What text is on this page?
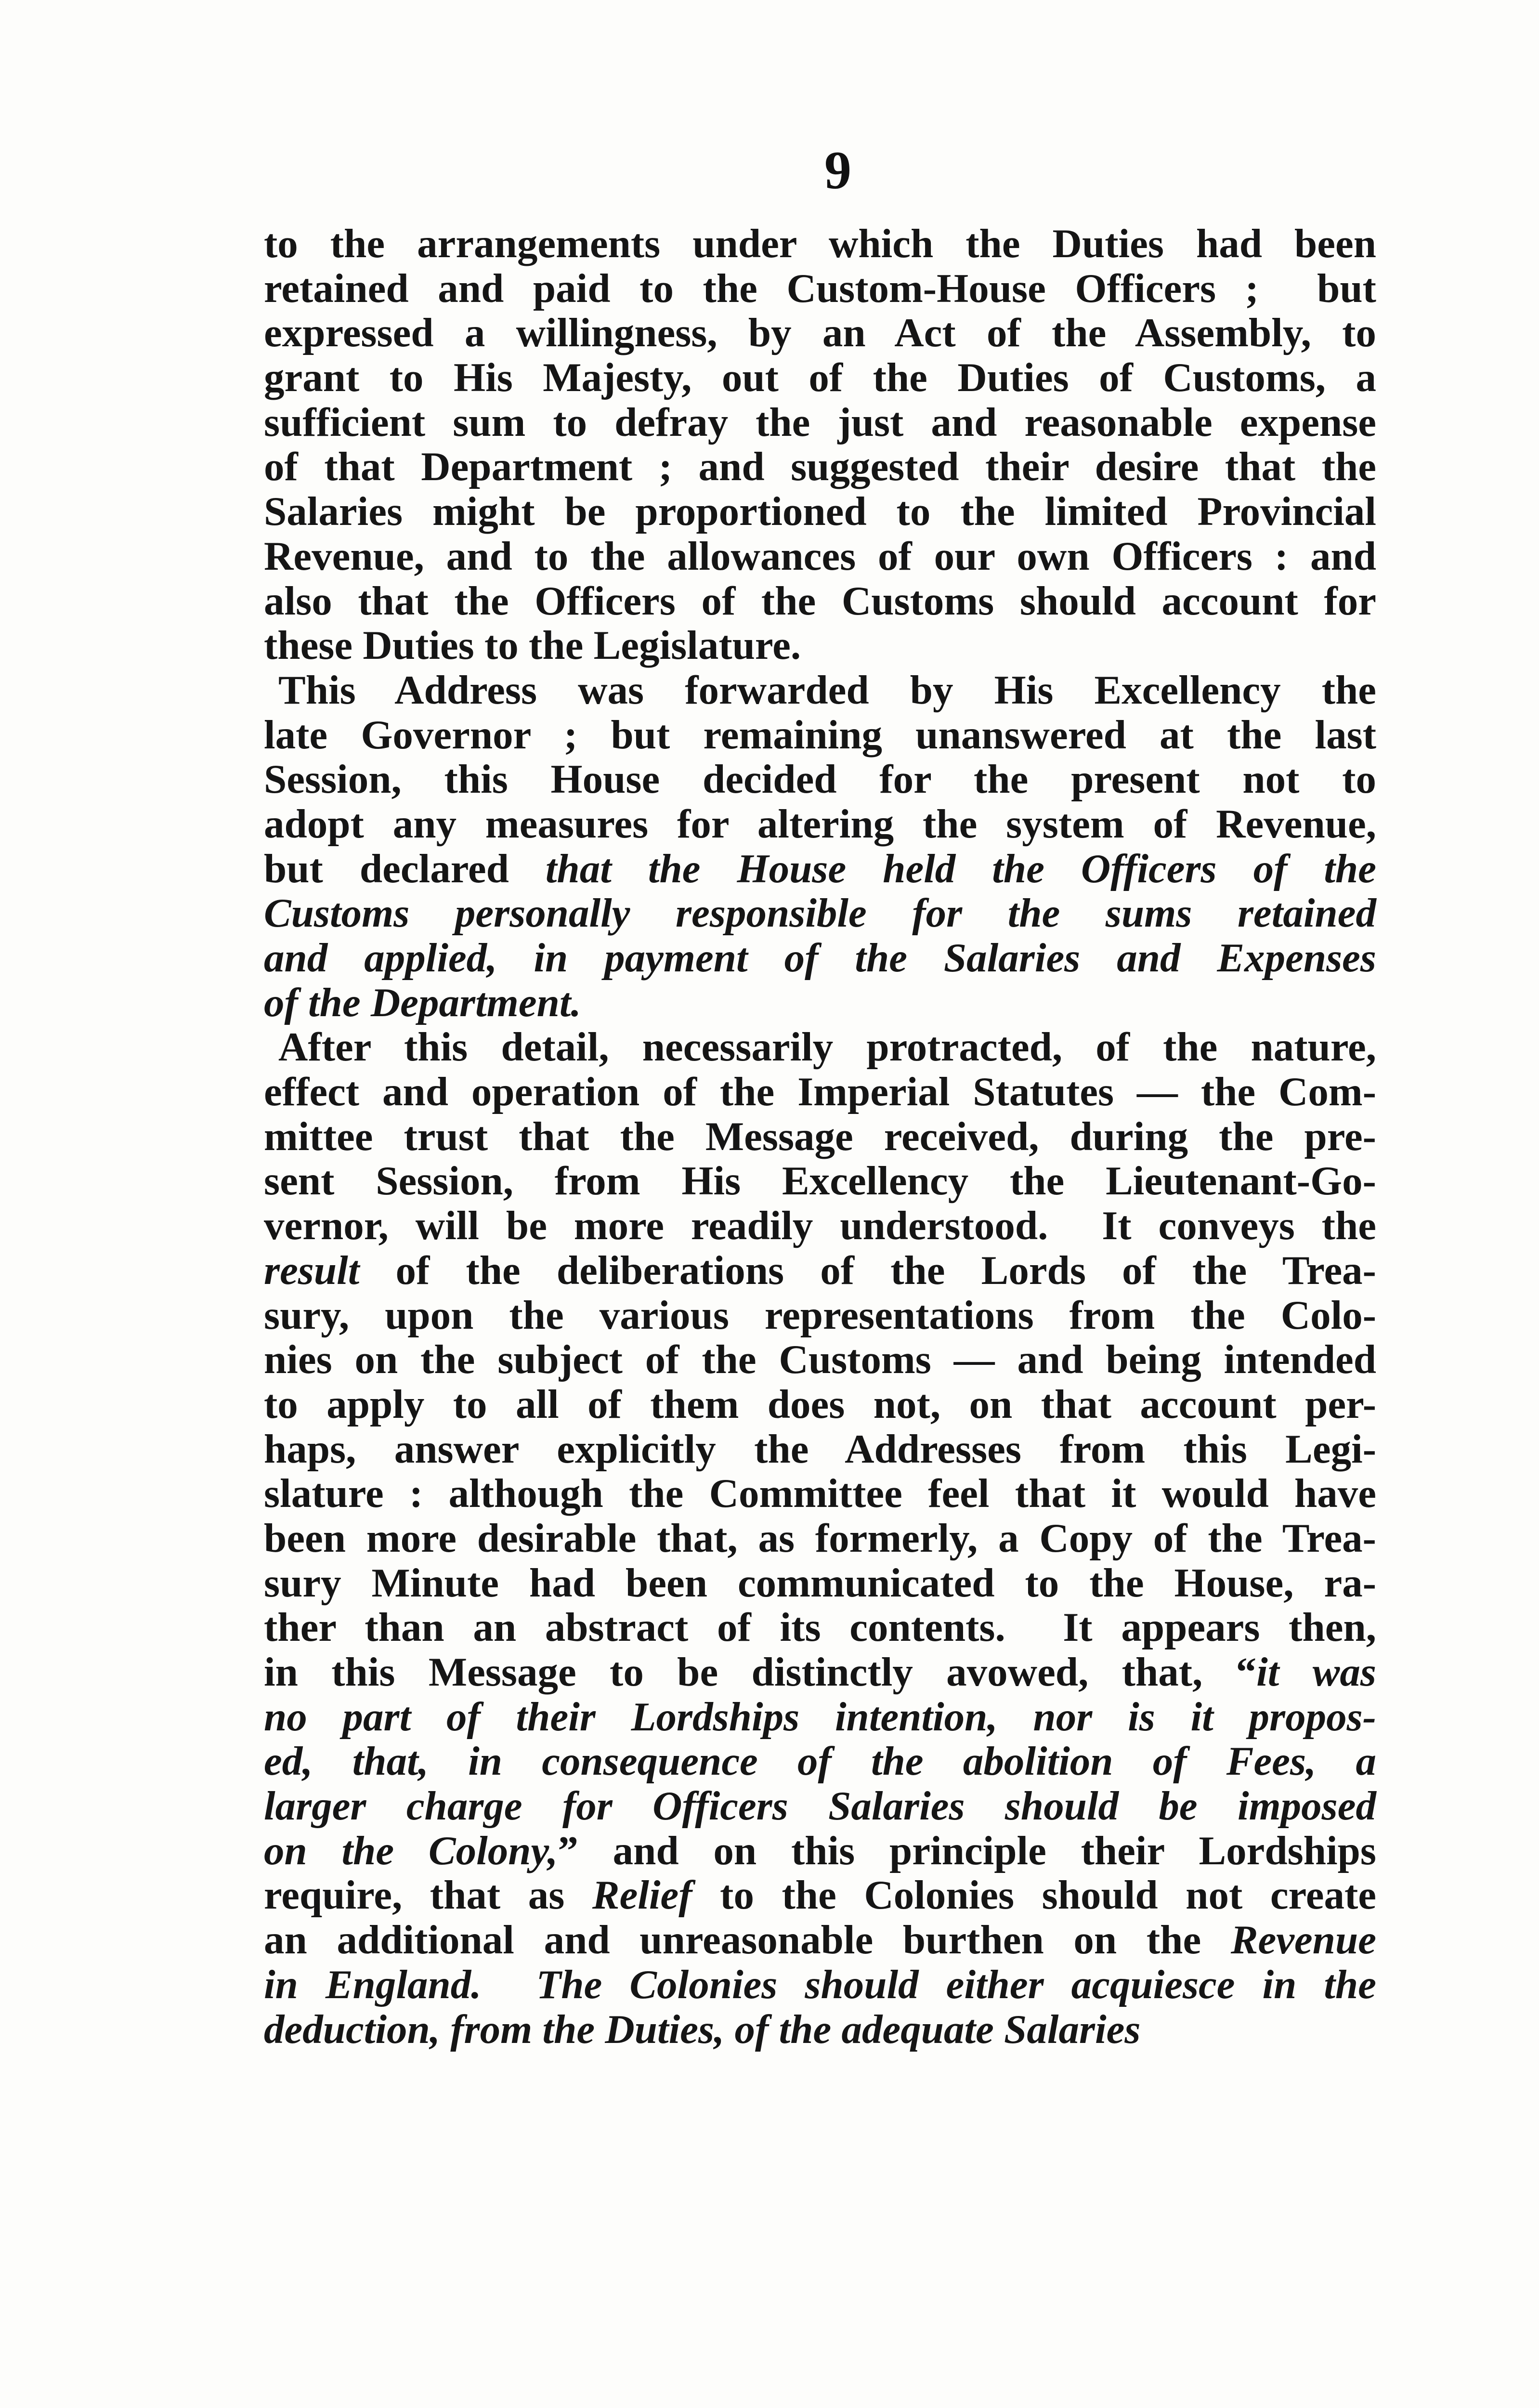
9
to the arrangements under which the Duties had been
retained and paid to the Custom-House Officers ;  but
expressed a willingness, by an Act of the Assembly, to
grant to His Majesty, out of the Duties of Customs, a
sufficient sum to defray the just and reasonable expense
of that Department ; and suggested their desire that the
Salaries might be proportioned to the limited Provincial
Revenue, and to the allowances of our own Officers : and
also that the Officers of the Customs should account for
these Duties to the Legislature.
This Address was forwarded by His Excellency the
late Governor ; but remaining unanswered at the last
Session, this House decided for the present not to
adopt any measures for altering the system of Revenue,
but declared that the House held the Officers of the
Customs personally responsible for the sums retained
and applied, in payment of the Salaries and Expenses
of the Department.
After this detail, necessarily protracted, of the nature,
effect and operation of the Imperial Statutes — the Com-
mittee trust that the Message received, during the pre-
sent Session, from His Excellency the Lieutenant-Go-
vernor, will be more readily understood.  It conveys the
result of the deliberations of the Lords of the Trea-
sury, upon the various representations from the Colo-
nies on the subject of the Customs — and being intended
to apply to all of them does not, on that account per-
haps, answer explicitly the Addresses from this Legi-
slature : although the Committee feel that it would have
been more desirable that, as formerly, a Copy of the Trea-
sury Minute had been communicated to the House, ra-
ther than an abstract of its contents.  It appears then,
in this Message to be distinctly avowed, that, “it was
no part of their Lordships intention, nor is it propos-
ed, that, in consequence of the abolition of Fees, a
larger charge for Officers Salaries should be imposed
on the Colony,” and on this principle their Lordships
require, that as Relief to the Colonies should not create
an additional and unreasonable burthen on the Revenue
in England.  The Colonies should either acquiesce in the
deduction, from the Duties, of the adequate Salaries
